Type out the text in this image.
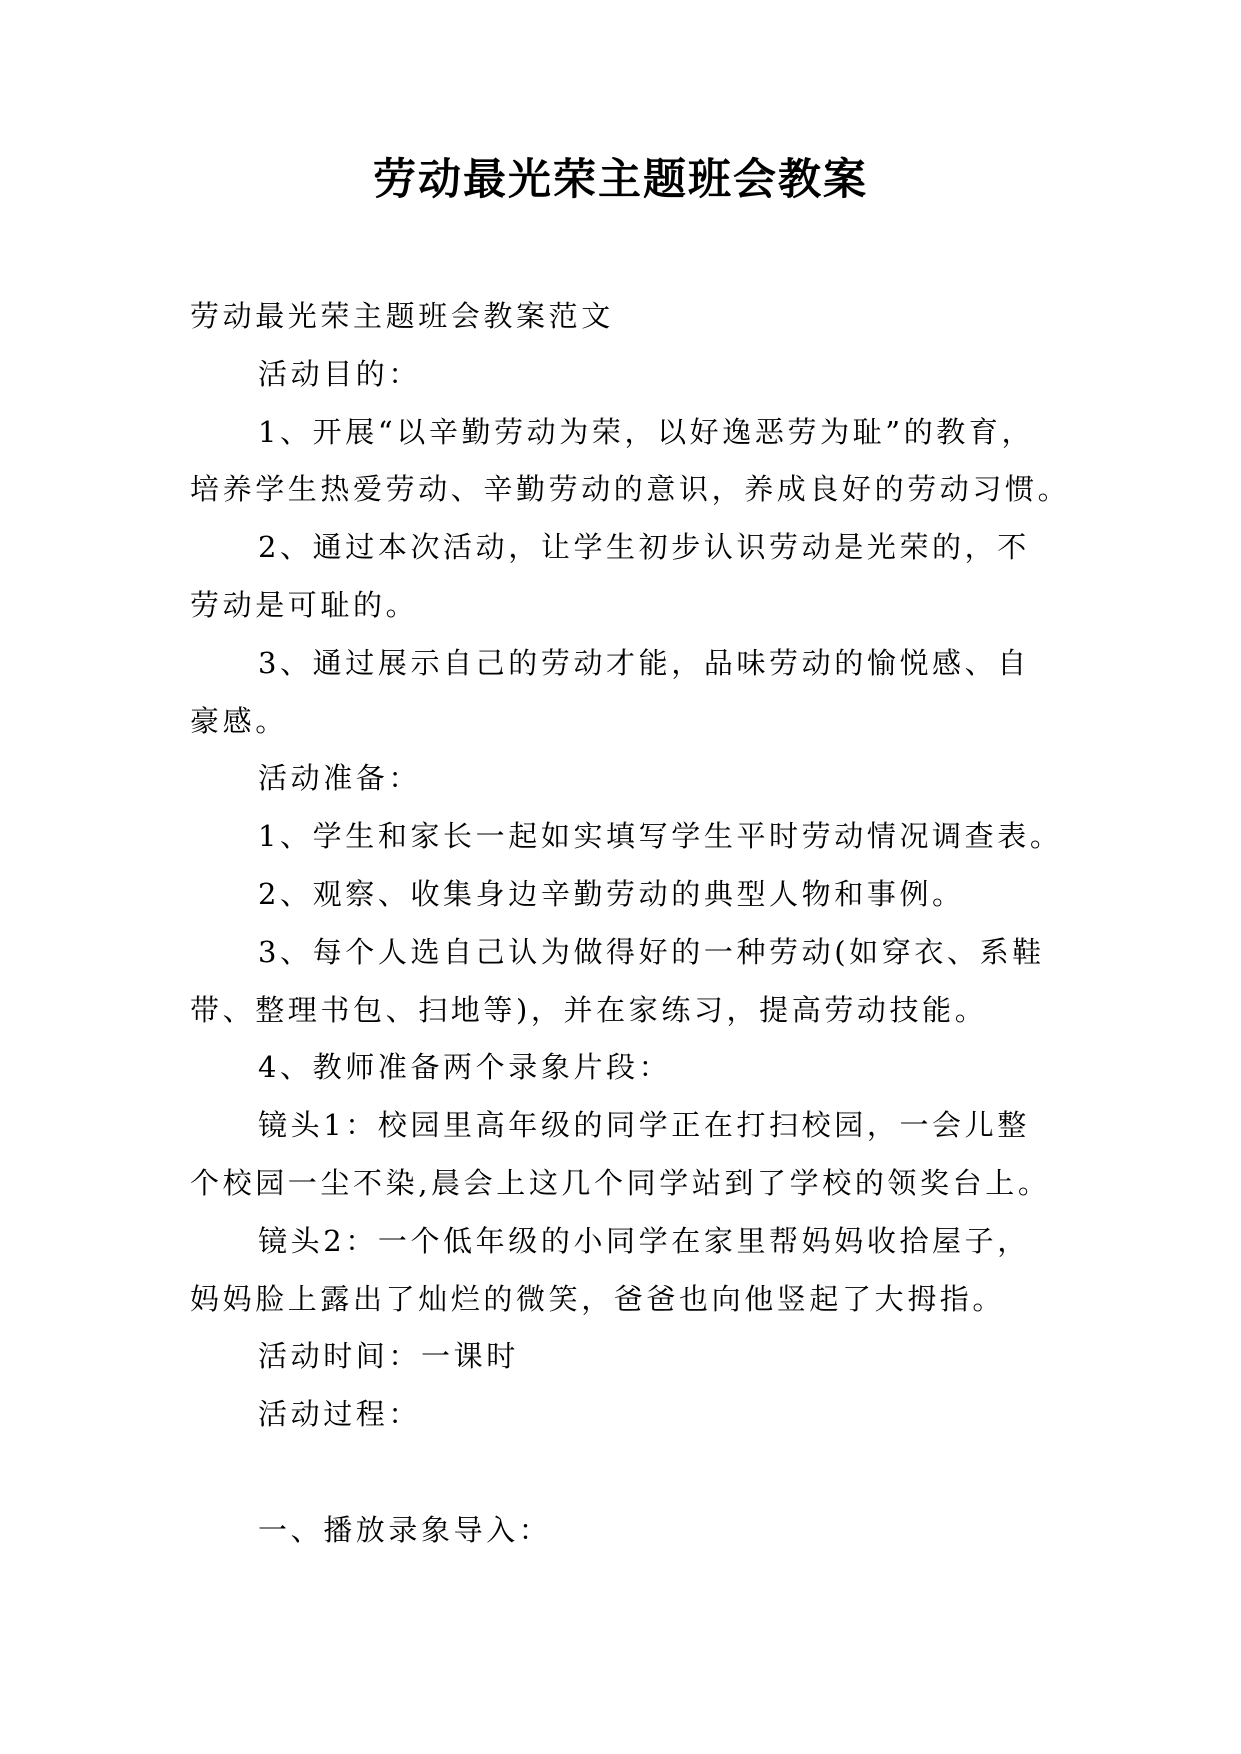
劳动最光荣主题班会教案

劳动最光荣主题班会教案范文

活动目的：

1、开展“以辛勤劳动为荣，以好逸恶劳为耻”的教育，

培养学生热爱劳动、辛勤劳动的意识，养成良好的劳动习惯。

2、通过本次活动，让学生初步认识劳动是光荣的，不

劳动是可耻的。

3、通过展示自己的劳动才能，品味劳动的愉悦感、自

豪感。

活动准备：

1、学生和家长一起如实填写学生平时劳动情况调查表。

2、观察、收集身边辛勤劳动的典型人物和事例。

3、每个人选自己认为做得好的一种劳动(如穿衣、系鞋

带、整理书包、扫地等)，并在家练习，提高劳动技能。

4、教师准备两个录象片段：

镜头1：校园里高年级的同学正在打扫校园，一会儿整

个校园一尘不染,晨会上这几个同学站到了学校的领奖台上。

镜头2：一个低年级的小同学在家里帮妈妈收拾屋子，

妈妈脸上露出了灿烂的微笑，爸爸也向他竖起了大拇指。

活动时间：一课时

活动过程：

一、播放录象导入：
